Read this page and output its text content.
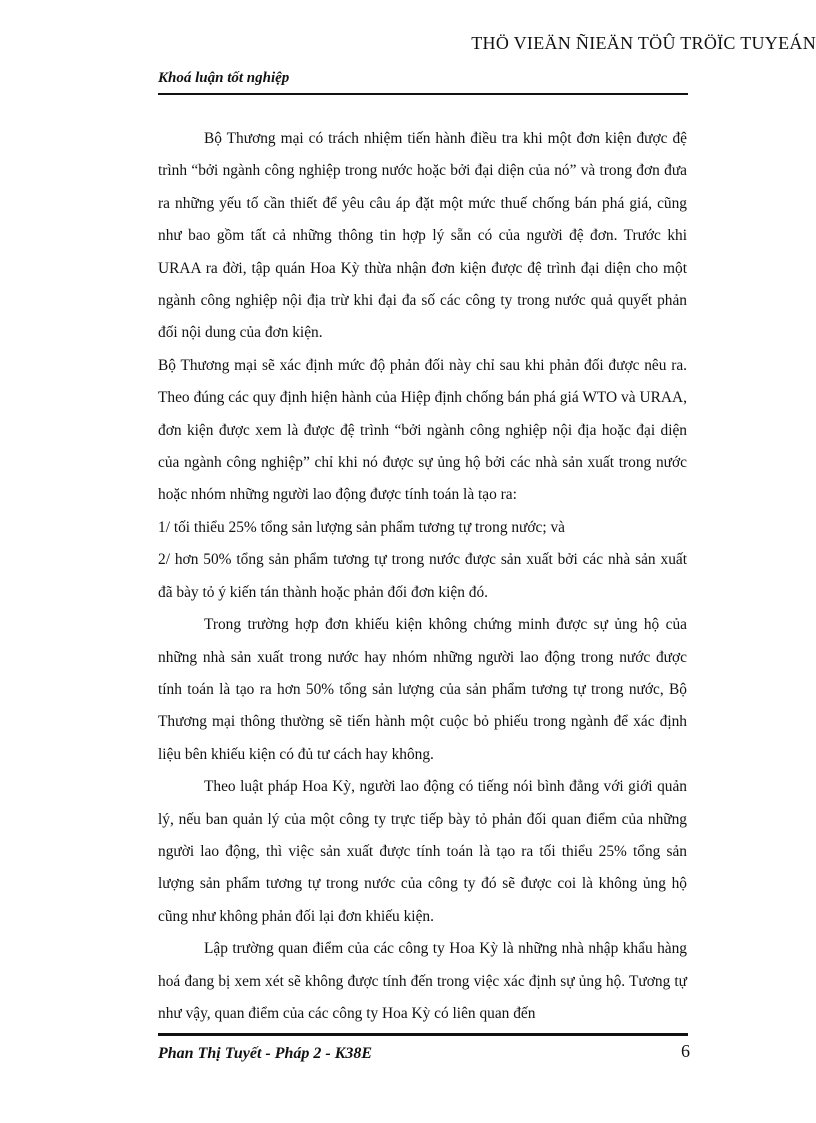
THÖ VIEÄN ÑIEÄN TÖÛ TRÖÏC TUYEÁN
Khoá luận tốt nghiệp

Bộ Thương mại có trách nhiệm tiến hành điều tra khi một đơn kiện được đệ trình “bởi ngành công nghiệp trong nước hoặc bởi đại diện của nó” và trong đơn đưa ra những yếu tố cần thiết để yêu câu áp đặt một mức thuế chống bán phá giá, cũng như bao gồm tất cả những thông tin hợp lý sẵn có của người đệ đơn. Trước khi URAA ra đời, tập quán Hoa Kỳ thừa nhận đơn kiện được đệ trình đại diện cho một ngành công nghiệp nội địa trừ khi đại đa số các công ty trong nước quả quyết phản đối nội dung của đơn kiện.

Bộ Thương mại sẽ xác định mức độ phản đối này chỉ sau khi phản đối được nêu ra. Theo đúng các quy định hiện hành của Hiệp định chống bán phá giá WTO và URAA, đơn kiện được xem là được đệ trình “bởi ngành công nghiệp nội địa hoặc đại diện của ngành công nghiệp” chỉ khi nó được sự ủng hộ bởi các nhà sản xuất trong nước hoặc nhóm những người lao động được tính toán là tạo ra:

1/ tối thiểu 25% tổng sản lượng sản phẩm tương tự trong nước; và

2/ hơn 50% tổng sản phẩm tương tự trong nước được sản xuất bởi các nhà sản xuất đã bày tỏ ý kiến tán thành hoặc phản đối đơn kiện đó.

Trong trường hợp đơn khiếu kiện không chứng minh được sự ủng hộ của những nhà sản xuất trong nước hay nhóm những người lao động trong nước được tính toán là tạo ra hơn 50% tổng sản lượng của sản phẩm tương tự trong nước, Bộ Thương mại thông thường sẽ tiến hành một cuộc bỏ phiếu trong ngành để xác định liệu bên khiếu kiện có đủ tư cách hay không.

Theo luật pháp Hoa Kỳ, người lao động có tiếng nói bình đẳng với giới quản lý, nếu ban quản lý của một công ty trực tiếp bày tỏ phản đối quan điểm của những người lao động, thì việc sản xuất được tính toán là tạo ra tối thiểu 25% tổng sản lượng sản phẩm tương tự trong nước của công ty đó sẽ được coi là không ủng hộ cũng như không phản đối lại đơn khiếu kiện.

Lập trường quan điểm của các công ty Hoa Kỳ là những nhà nhập khẩu hàng hoá đang bị xem xét sẽ không được tính đến trong việc xác định sự ủng hộ. Tương tự như vậy, quan điểm của các công ty Hoa Kỳ có liên quan đến

Phan Thị Tuyết - Pháp 2 - K38E	6
